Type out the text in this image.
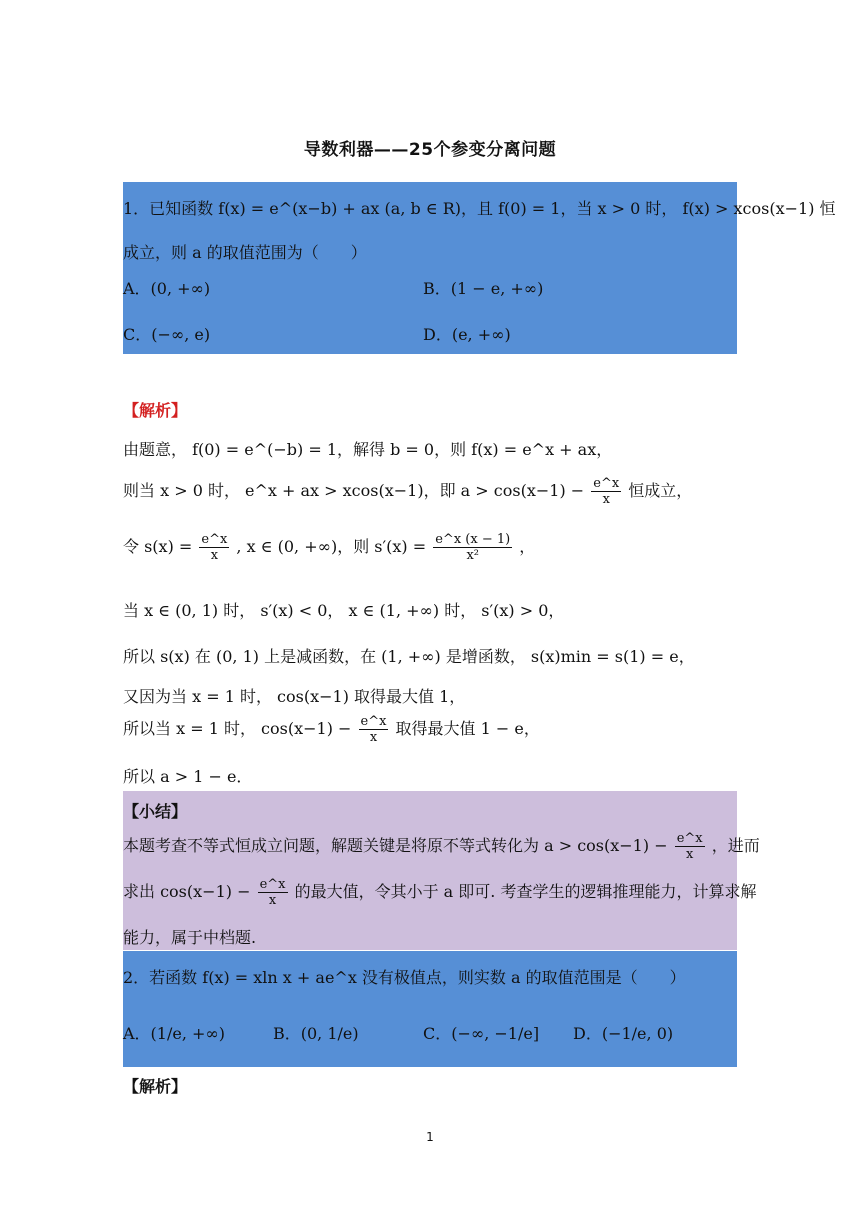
导数利器——25个参变分离问题
1．已知函数 f(x) = e^(x−b) + ax (a, b ∈ R)，且 f(0) = 1，当 x > 0 时， f(x) > xcos(x−1) 恒
成立，则 a 的取值范围为（　　）
A．(0, +∞)	B．(1 − e, +∞)
C．(−∞, e)	D．(e, +∞)
【解析】
由题意， f(0) = e^(−b) = 1，解得 b = 0，则 f(x) = e^x + ax，
则当 x > 0 时， e^x + ax > xcos(x−1)，即 $a > \cos(x-1) - \frac{e\^{}x}{x}$ 恒成立，
令 $s(x) = \frac{e\^{}x}{x}$ , x ∈ (0, +∞)，则 $s'(x) = \frac{e\^{}x (x - 1)}{\text{x²}}$ ，
当 x ∈ (0, 1) 时， s′(x) < 0， x ∈ (1, +∞) 时， s′(x) > 0，
所以 s(x) 在 (0, 1) 上是减函数，在 (1, +∞) 是增函数， s(x)min = s(1) = e，
又因为当 x = 1 时， cos(x−1) 取得最大值 1，
所以当 x = 1 时， $\cos(x-1) - \frac{e\^{}x}{x}$ 取得最大值 1 − e，
所以 a > 1 − e．
【小结】
本题考查不等式恒成立问题，解题关键是将原不等式转化为 $a > \cos(x-1) - \frac{e\^{}x}{x}$ ，进而
求出 $\cos(x-1) - \frac{e\^{}x}{x}$ 的最大值，令其小于 a 即可. 考查学生的逻辑推理能力，计算求解
能力，属于中档题.
2．若函数 f(x) = xln x + ae^x 没有极值点，则实数 a 的取值范围是（　　）
A．(1/e, +∞)	B．(0, 1/e)	C．(−∞, −1/e] D．(−1/e, 0)
【解析】
1
